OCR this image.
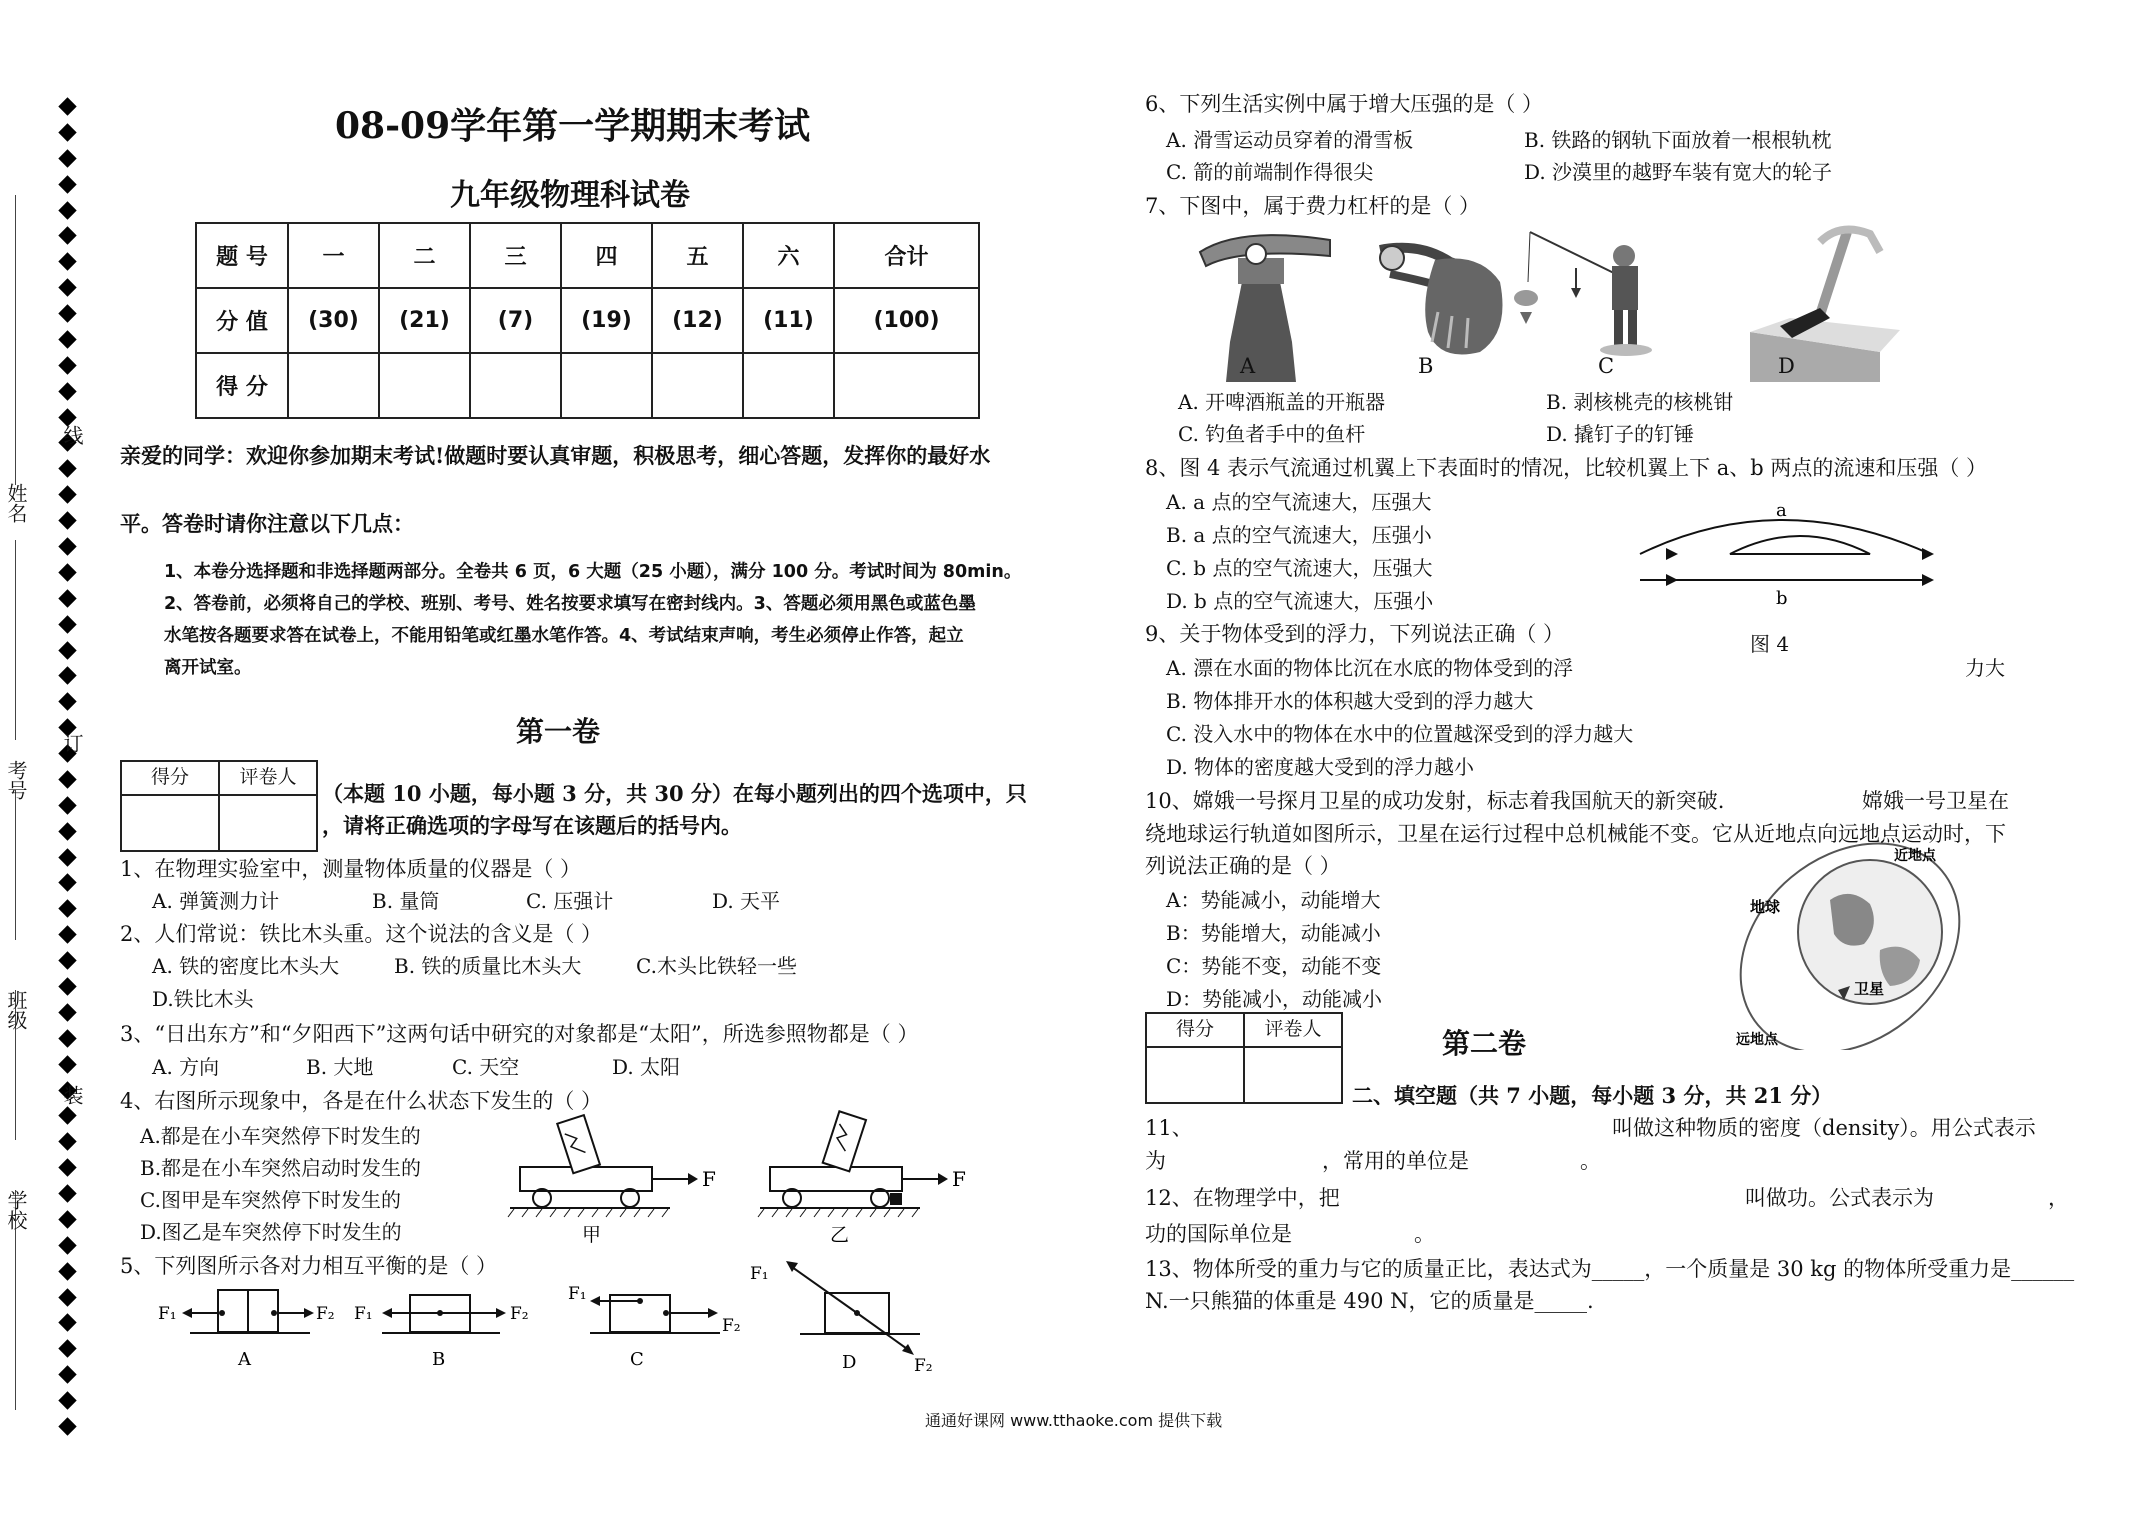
姓名
考号
班级
学校
装
订
线
08-09学年第一学期期末考试
九年级物理科试卷
题 号	一	二	三	四	五	六	合计
分 值	(30)	(21)	(7)	(19)	(12)	(11)	(100)
得 分							
亲爱的同学：欢迎你参加期末考试!做题时要认真审题，积极思考，细心答题，发挥你的最好水
平。答卷时请你注意以下几点：
1、本卷分选择题和非选择题两部分。全卷共 6 页，6 大题（25 小题），满分 100 分。考试时间为 80min。
2、答卷前，必须将自己的学校、班别、考号、姓名按要求填写在密封线内。3、答题必须用黑色或蓝色墨
水笔按各题要求答在试卷上，不能用铅笔或红墨水笔作答。4、考试结束声响，考生必须停止作答，起立
离开试室。
第一卷
得分	评卷人

（本题 10 小题，每小题 3 分，共 30 分）在每小题列出的四个选项中，只
，请将正确选项的字母写在该题后的括号内。
1、在物理实验室中，测量物体质量的仪器是（ ）
A. 弹簧测力计	B. 量筒	C. 压强计	D. 天平
2、人们常说：铁比木头重。这个说法的含义是（ ）
A. 铁的密度比木头大	B. 铁的质量比木头大	C.木头比铁轻一些
D.铁比木头
3、“日出东方”和“夕阳西下”这两句话中研究的对象都是“太阳”，所选参照物都是（ ）
A. 方向	B. 大地	C. 天空	D. 太阳
4、右图所示现象中，各是在什么状态下发生的（ ）
A.都是在小车突然停下时发生的
B.都是在小车突然启动时发生的
C.图甲是车突然停下时发生的
D.图乙是车突然停下时发生的
F
甲
F
乙
5、下列图所示各对力相互平衡的是（ ）
F₁	F₂
A
F₁	F₂
B
F₁
F₂
C
F₁
F₂
D
6、下列生活实例中属于增大压强的是（ ）
A. 滑雪运动员穿着的滑雪板	B. 铁路的钢轨下面放着一根根轨枕
C. 箭的前端制作得很尖	D. 沙漠里的越野车装有宽大的轮子
7、下图中，属于费力杠杆的是（ ）
A	B	C	D
A. 开啤酒瓶盖的开瓶器	B. 剥核桃壳的核桃钳
C. 钓鱼者手中的鱼杆	D. 撬钉子的钉锤
8、图 4 表示气流通过机翼上下表面时的情况，比较机翼上下 a、b 两点的流速和压强（ ）
A. a 点的空气流速大，压强大
B. a 点的空气流速大，压强小
C. b 点的空气流速大，压强大
D. b 点的空气流速大，压强小
a
b
图 4
9、关于物体受到的浮力，下列说法正确（ ）
A. 漂在水面的物体比沉在水底的物体受到的浮	力大
B. 物体排开水的体积越大受到的浮力越大
C. 没入水中的物体在水中的位置越深受到的浮力越大
D. 物体的密度越大受到的浮力越小
10、嫦娥一号探月卫星的成功发射，标志着我国航天的新突破.	嫦娥一号卫星在
绕地球运行轨道如图所示，卫星在运行过程中总机械能不变。它从近地点向远地点运动时，下
列说法正确的是（ ）
A：势能减小，动能增大
B：势能增大，动能减小
C：势能不变，动能不变
D：势能减小，动能减小
近地点
地球
卫星
远地点
得分	评卷人
		第二卷
二、填空题（共 7 小题，每小题 3 分，共 21 分）
11、	叫做这种物质的密度（density）。用公式表示
为	，常用的单位是	。
12、在物理学中，把	叫做功。公式表示为	，
功的国际单位是	。
13、物体所受的重力与它的质量正比，表达式为_____，一个质量是 30 kg 的物体所受重力是______
N.一只熊猫的体重是 490 N，它的质量是_____.
通通好课网 www.tthaoke.com 提供下载
